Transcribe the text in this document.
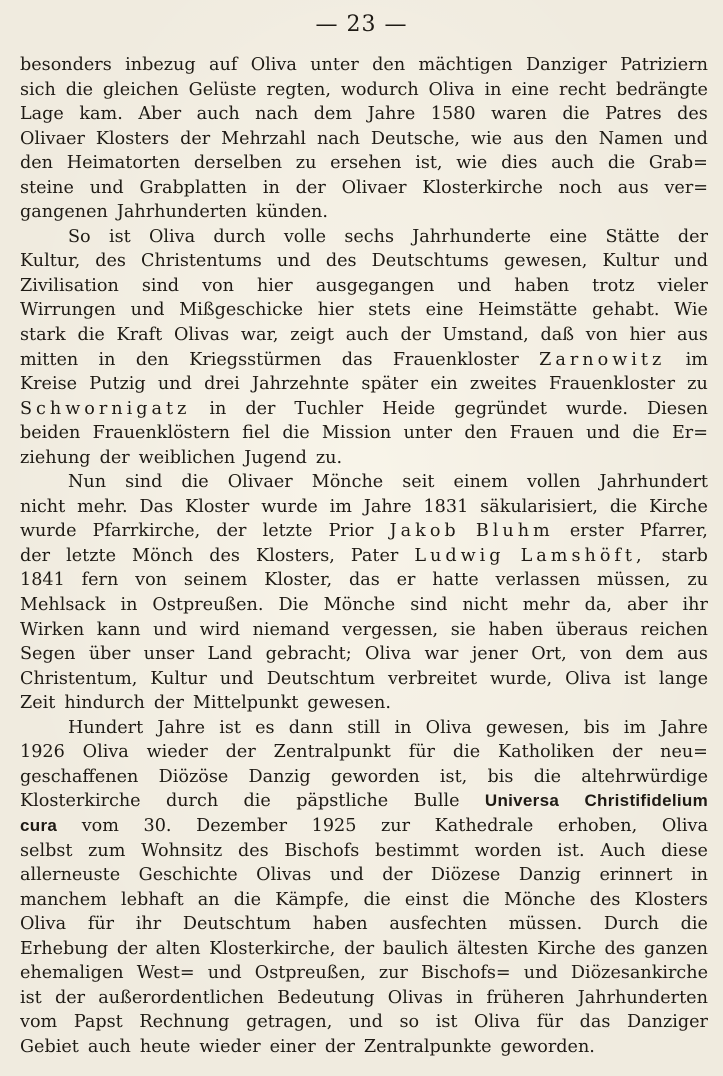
— 23 —
besonders inbezug auf Oliva unter den mächtigen Danziger Patriziern
sich die gleichen Gelüste regten, wodurch Oliva in eine recht bedrängte
Lage kam. Aber auch nach dem Jahre 1580 waren die Patres des
Olivaer Klosters der Mehrzahl nach Deutsche, wie aus den Namen und
den Heimatorten derselben zu ersehen ist, wie dies auch die Grab=
steine und Grabplatten in der Olivaer Klosterkirche noch aus ver=
gangenen Jahrhunderten künden.
So ist Oliva durch volle sechs Jahrhunderte eine Stätte der
Kultur, des Christentums und des Deutschtums gewesen, Kultur und
Zivilisation sind von hier ausgegangen und haben trotz vieler
Wirrungen und Mißgeschicke hier stets eine Heimstätte gehabt. Wie
stark die Kraft Olivas war, zeigt auch der Umstand, daß von hier aus
mitten in den Kriegsstürmen das Frauenkloster Zarnowitz im
Kreise Putzig und drei Jahrzehnte später ein zweites Frauenkloster zu
Schwornigatz in der Tuchler Heide gegründet wurde. Diesen
beiden Frauenklöstern fiel die Mission unter den Frauen und die Er=
ziehung der weiblichen Jugend zu.
Nun sind die Olivaer Mönche seit einem vollen Jahrhundert
nicht mehr. Das Kloster wurde im Jahre 1831 säkularisiert, die Kirche
wurde Pfarrkirche, der letzte Prior Jakob Bluhm erster Pfarrer,
der letzte Mönch des Klosters, Pater Ludwig Lamshöft, starb
1841 fern von seinem Kloster, das er hatte verlassen müssen, zu
Mehlsack in Ostpreußen. Die Mönche sind nicht mehr da, aber ihr
Wirken kann und wird niemand vergessen, sie haben überaus reichen
Segen über unser Land gebracht; Oliva war jener Ort, von dem aus
Christentum, Kultur und Deutschtum verbreitet wurde, Oliva ist lange
Zeit hindurch der Mittelpunkt gewesen.
Hundert Jahre ist es dann still in Oliva gewesen, bis im Jahre
1926 Oliva wieder der Zentralpunkt für die Katholiken der neu=
geschaffenen Diözöse Danzig geworden ist, bis die altehrwürdige
Klosterkirche durch die päpstliche Bulle Universa Christifidelium
cura vom 30. Dezember 1925 zur Kathedrale erhoben, Oliva
selbst zum Wohnsitz des Bischofs bestimmt worden ist. Auch diese
allerneuste Geschichte Olivas und der Diözese Danzig erinnert in
manchem lebhaft an die Kämpfe, die einst die Mönche des Klosters
Oliva für ihr Deutschtum haben ausfechten müssen. Durch die
Erhebung der alten Klosterkirche, der baulich ältesten Kirche des ganzen
ehemaligen West= und Ostpreußen, zur Bischofs= und Diözesankirche
ist der außerordentlichen Bedeutung Olivas in früheren Jahrhunderten
vom Papst Rechnung getragen, und so ist Oliva für das Danziger
Gebiet auch heute wieder einer der Zentralpunkte geworden.
